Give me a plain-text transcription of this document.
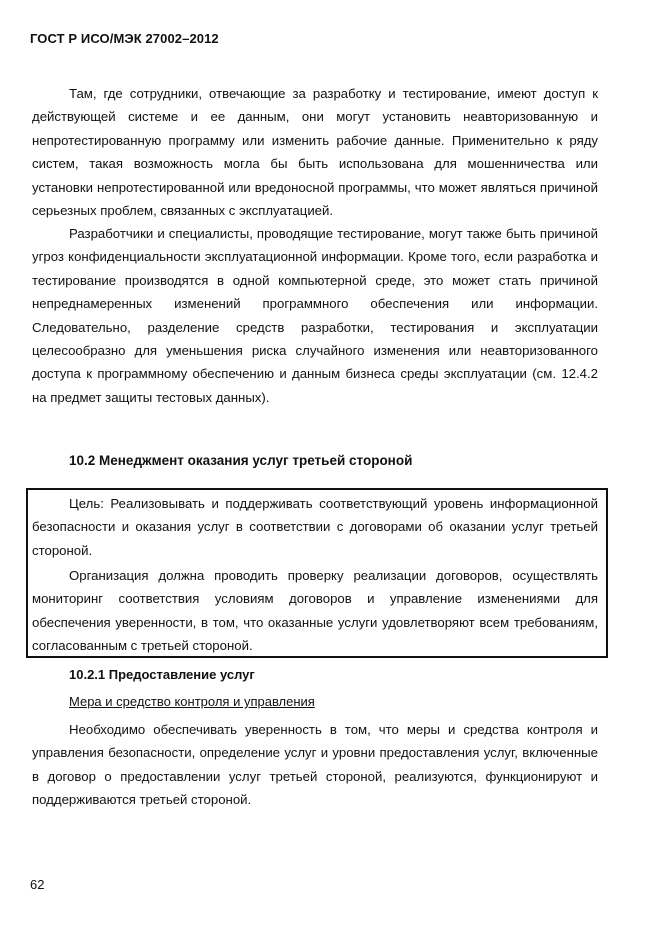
ГОСТ Р ИСО/МЭК 27002–2012

Там, где сотрудники, отвечающие за разработку и тестирование, имеют доступ к действующей системе и ее данным, они могут установить неавторизованную и непротестированную программу или изменить рабочие данные. Применительно к ряду систем, такая возможность могла бы быть использована для мошенничества или установки непротестированной или вредоносной программы, что может являться причиной серьезных проблем, связанных с эксплуатацией.

Разработчики и специалисты, проводящие тестирование, могут также быть причиной угроз конфиденциальности эксплуатационной информации. Кроме того, если разработка и тестирование производятся в одной компьютерной среде, это может стать причиной непреднамеренных изменений программного обеспечения или информации. Следовательно, разделение средств разработки, тестирования и эксплуатации целесообразно для уменьшения риска случайного изменения или неавторизованного доступа к программному обеспечению и данным бизнеса среды эксплуатации (см. 12.4.2 на предмет защиты тестовых данных).

10.2 Менеджмент оказания услуг третьей стороной

Цель: Реализовывать и поддерживать соответствующий уровень информационной безопасности и оказания услуг в соответствии с договорами об оказании услуг третьей стороной.

Организация должна проводить проверку реализации договоров, осуществлять мониторинг соответствия условиям договоров и управление изменениями для обеспечения уверенности, в том, что оказанные услуги удовлетворяют всем требованиям, согласованным с третьей стороной.

10.2.1 Предоставление услуг
Мера и средство контроля и управления

Необходимо обеспечивать уверенность в том, что меры и средства контроля и управления безопасности, определение услуг и уровни предоставления услуг, включенные в договор о предоставлении услуг третьей стороной, реализуются, функционируют и поддерживаются третьей стороной.

62
